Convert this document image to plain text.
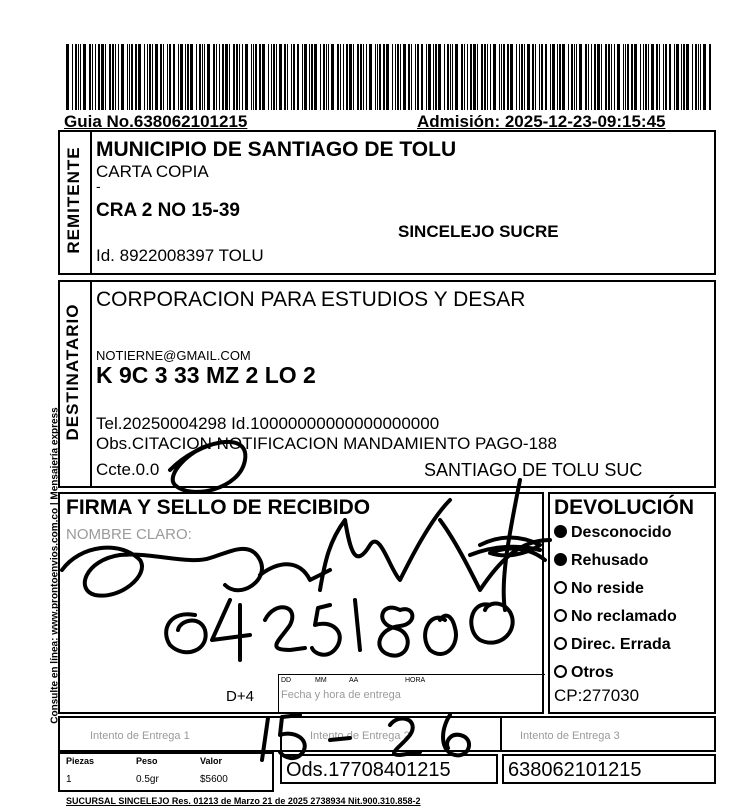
Guia No.638062101215	Admisión: 2025-12-23-09:15:45
Consulte en línea: www.prontoenvios.com.co | Mensajería express
REMITENTE MUNICIPIO DE SANTIAGO DE TOLU
CARTA COPIA
-
CRA 2 NO 15-39
SINCELEJO SUCRE
Id. 8922008397 TOLU
DESTINATARIO
CORPORACION PARA ESTUDIOS Y DESAR
NOTIERNE@GMAIL.COM
K 9C 3 33 MZ 2 LO 2
Tel.20250004298 Id.10000000000000000000
Obs.CITACION NOTIFICACION MANDAMIENTO PAGO-188
Ccte.0.0	SANTIAGO DE TOLU SUC
FIRMA Y SELLO DE RECIBIDO
NOMBRE CLARO:
D+4
DD	MM	AA	HORA
Fecha y hora de entrega
DEVOLUCIÓN
Desconocido
Rehusado
No reside
No reclamado
Direc. Errada
Otros
CP:277030
Intento de Entrega 1	Intento de Entrega 2	Intento de Entrega 3
Piezas	Peso	Valor
1	0.5gr	$5600	Ods.17708401215	638062101215
SUCURSAL SINCELEJO Res. 01213 de Marzo 21 de 2025 2738934 Nit.900.310.858-2
